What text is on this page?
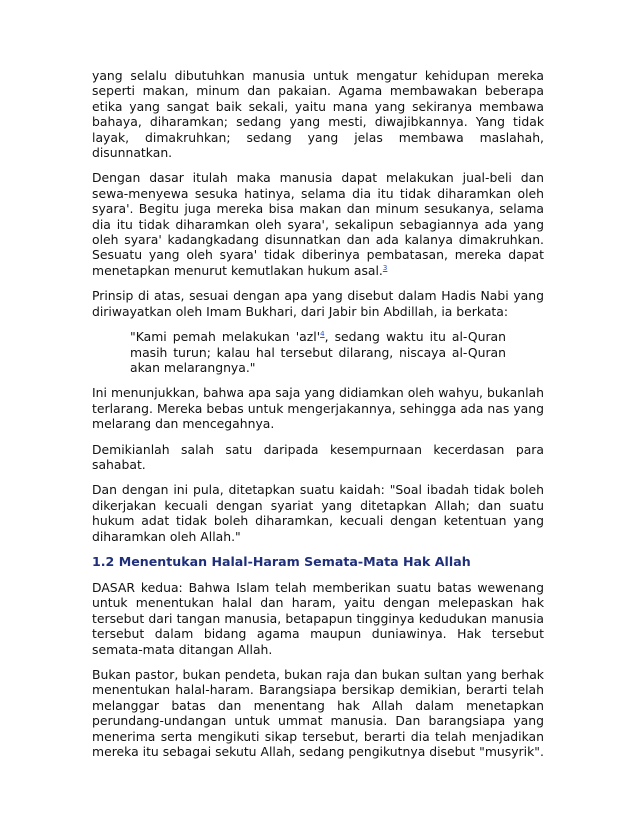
yang selalu dibutuhkan manusia untuk mengatur kehidupan mereka seperti makan, minum dan pakaian. Agama membawakan beberapa etika yang sangat baik sekali, yaitu mana yang sekiranya membawa bahaya, diharamkan; sedang yang mesti, diwajibkannya. Yang tidak layak, dimakruhkan; sedang yang jelas membawa maslahah, disunnatkan.

Dengan dasar itulah maka manusia dapat melakukan jual-beli dan sewa-menyewa sesuka hatinya, selama dia itu tidak diharamkan oleh syara'. Begitu juga mereka bisa makan dan minum sesukanya, selama dia itu tidak diharamkan oleh syara', sekalipun sebagiannya ada yang oleh syara' kadangkadang disunnatkan dan ada kalanya dimakruhkan. Sesuatu yang oleh syara' tidak diberinya pembatasan, mereka dapat menetapkan menurut kemutlakan hukum asal.$^3$

Prinsip di atas, sesuai dengan apa yang disebut dalam Hadis Nabi yang diriwayatkan oleh Imam Bukhari, dari Jabir bin Abdillah, ia berkata:

"Kami pemah melakukan '$azl'^4$, sedang waktu itu al-Quran masih turun; kalau hal tersebut dilarang, niscaya al-Quran akan melarangnya."

Ini menunjukkan, bahwa apa saja yang didiamkan oleh wahyu, bukanlah terlarang. Mereka bebas untuk mengerjakannya, sehingga ada nas yang melarang dan mencegahnya.

Demikianlah salah satu daripada kesempurnaan kecerdasan para sahabat.

Dan dengan ini pula, ditetapkan suatu kaidah: "Soal ibadah tidak boleh dikerjakan kecuali dengan syariat yang ditetapkan Allah; dan suatu hukum adat tidak boleh diharamkan, kecuali dengan ketentuan yang diharamkan oleh Allah."

1.2 Menentukan Halal-Haram Semata-Mata Hak Allah

DASAR kedua: Bahwa Islam telah memberikan suatu batas wewenang untuk menentukan halal dan haram, yaitu dengan melepaskan hak tersebut dari tangan manusia, betapapun tingginya kedudukan manusia tersebut dalam bidang agama maupun duniawinya. Hak tersebut semata-mata ditangan Allah.

Bukan pastor, bukan pendeta, bukan raja dan bukan sultan yang berhak menentukan halal-haram. Barangsiapa bersikap demikian, berarti telah melanggar batas dan menentang hak Allah dalam menetapkan perundang-undangan untuk ummat manusia. Dan barangsiapa yang menerima serta mengikuti sikap tersebut, berarti dia telah menjadikan mereka itu sebagai sekutu Allah, sedang pengikutnya disebut "musyrik".
